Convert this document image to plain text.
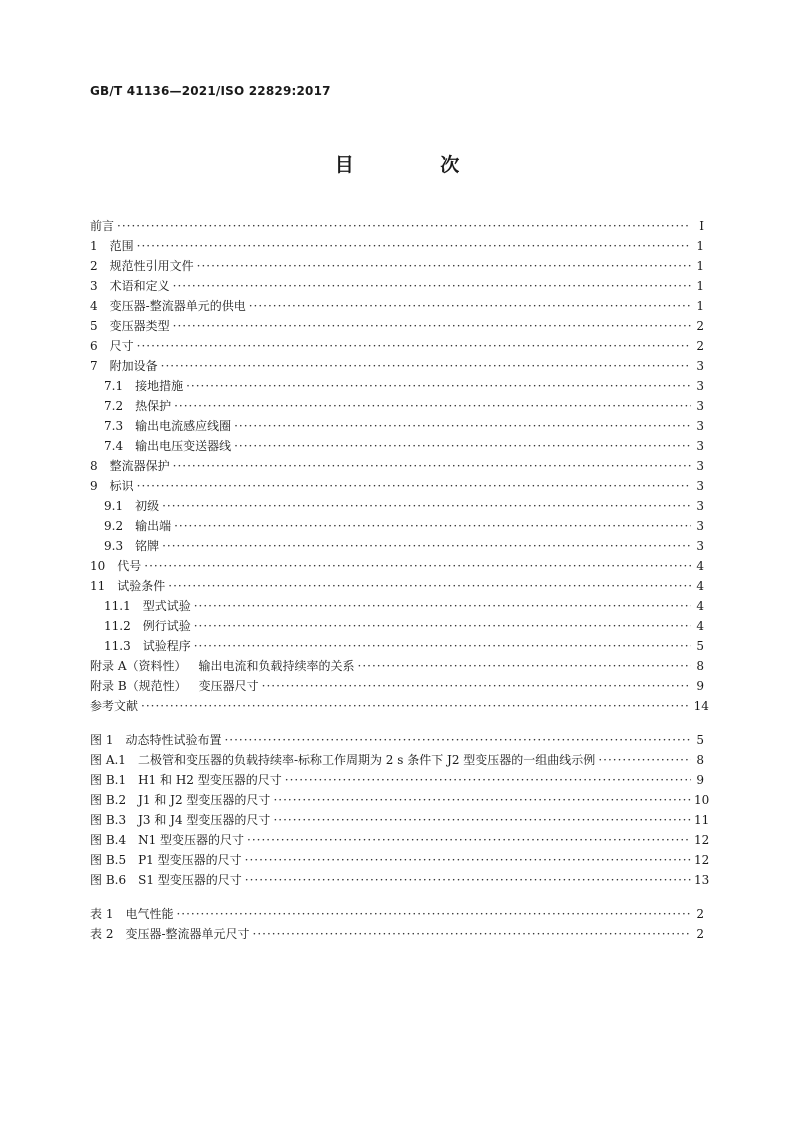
GB/T 41136—2021/ISO 22829:2017
目 次
前言 ·····	Ⅰ
1 范围 ·····	1
2 规范性引用文件 ·····	1
3 术语和定义 ·····	1
4 变压器-整流器单元的供电 ·····	1
5 变压器类型 ·····	2
6 尺寸 ·····	2
7 附加设备 ·····	3
7.1 接地措施 ·····	3
7.2 热保护 ·····	3
7.3 输出电流感应线圈 ·····	3
7.4 输出电压变送器线 ·····	3
8 整流器保护 ·····	3
9 标识 ·····	3
9.1 初级 ·····	3
9.2 输出端 ·····	3
9.3 铭牌 ·····	3
10 代号 ·····	4
11 试验条件 ·····	4
11.1 型式试验 ·····	4
11.2 例行试验 ·····	4
11.3 试验程序 ·····	5
附录 A（资料性） 输出电流和负载持续率的关系 ·····	8
附录 B（规范性） 变压器尺寸 ·····	9
参考文献 ·····	14
图 1 动态特性试验布置 ·····	5
图 A.1 二极管和变压器的负载持续率-标称工作周期为 2 s 条件下 J2 型变压器的一组曲线示例 ·····	8
图 B.1 H1 和 H2 型变压器的尺寸 ·····	9
图 B.2 J1 和 J2 型变压器的尺寸 ·····	10
图 B.3 J3 和 J4 型变压器的尺寸 ·····	11
图 B.4 N1 型变压器的尺寸 ·····	12
图 B.5 P1 型变压器的尺寸 ·····	12
图 B.6 S1 型变压器的尺寸 ·····	13
表 1 电气性能 ·····	2
表 2 变压器-整流器单元尺寸 ·····	2
